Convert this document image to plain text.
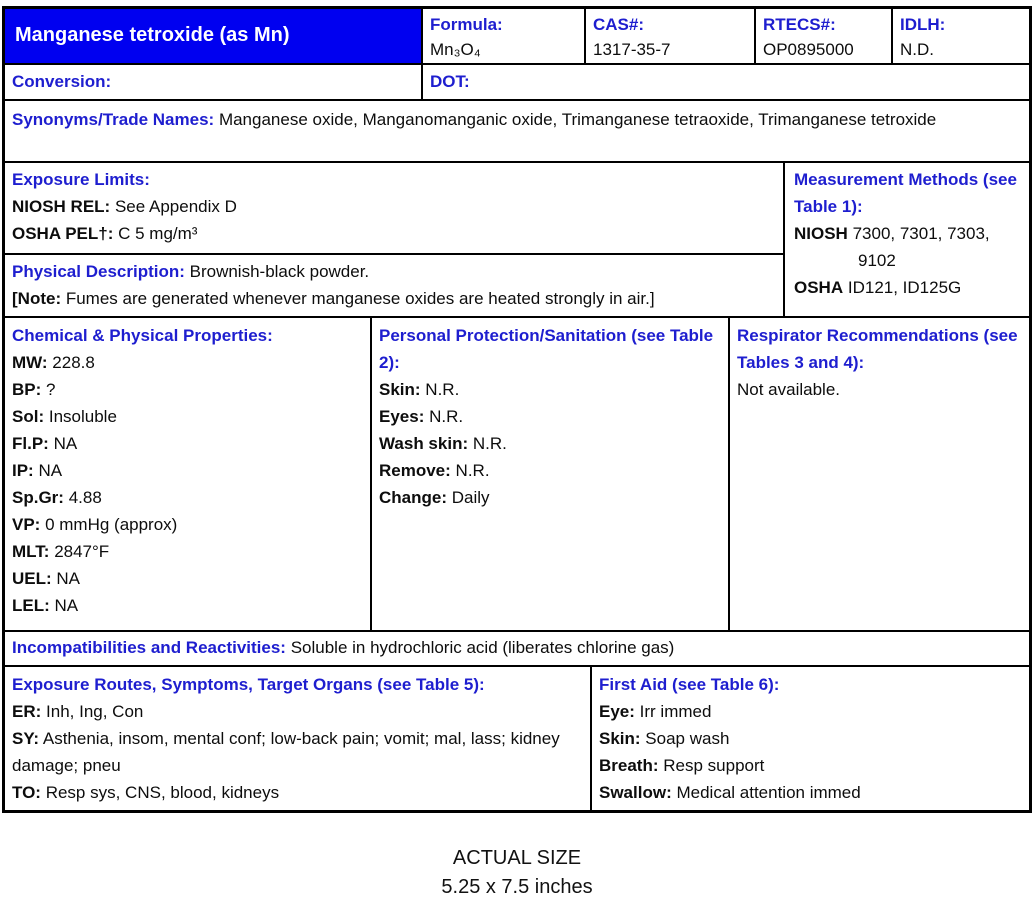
Manganese tetroxide (as Mn)	Formula:
Mn₃O₄
CAS#:
1317-35-7
RTECS#:
OP0895000
IDLH:
N.D.
Conversion:	DOT:
Synonyms/Trade Names: Manganese oxide, Manganomanganic oxide, Trimanganese tetraoxide, Trimanganese tetroxide
Exposure Limits:
NIOSH REL: See Appendix D
OSHA PEL†: C 5 mg/m³
Physical Description: Brownish-black powder.
[Note: Fumes are generated whenever manganese oxides are heated strongly in air.]
Measurement Methods (see Table 1):
NIOSH 7300, 7301, 7303,
9102
OSHA ID121, ID125G
Chemical & Physical Properties:
MW: 228.8
BP: ?
Sol: Insoluble
Fl.P: NA
IP: NA
Sp.Gr: 4.88
VP: 0 mmHg (approx)
MLT: 2847°F
UEL: NA
LEL: NA
Personal Protection/Sanitation (see Table 2):
Skin: N.R.
Eyes: N.R.
Wash skin: N.R.
Remove: N.R.
Change: Daily
Respirator Recommendations (see Tables 3 and 4):
Not available.
Incompatibilities and Reactivities: Soluble in hydrochloric acid (liberates chlorine gas)
Exposure Routes, Symptoms, Target Organs (see Table 5):
ER: Inh, Ing, Con
SY: Asthenia, insom, mental conf; low-back pain; vomit; mal, lass; kidney damage; pneu
TO: Resp sys, CNS, blood, kidneys
First Aid (see Table 6):
Eye: Irr immed
Skin: Soap wash
Breath: Resp support
Swallow: Medical attention immed
ACTUAL SIZE
5.25 x 7.5 inches
